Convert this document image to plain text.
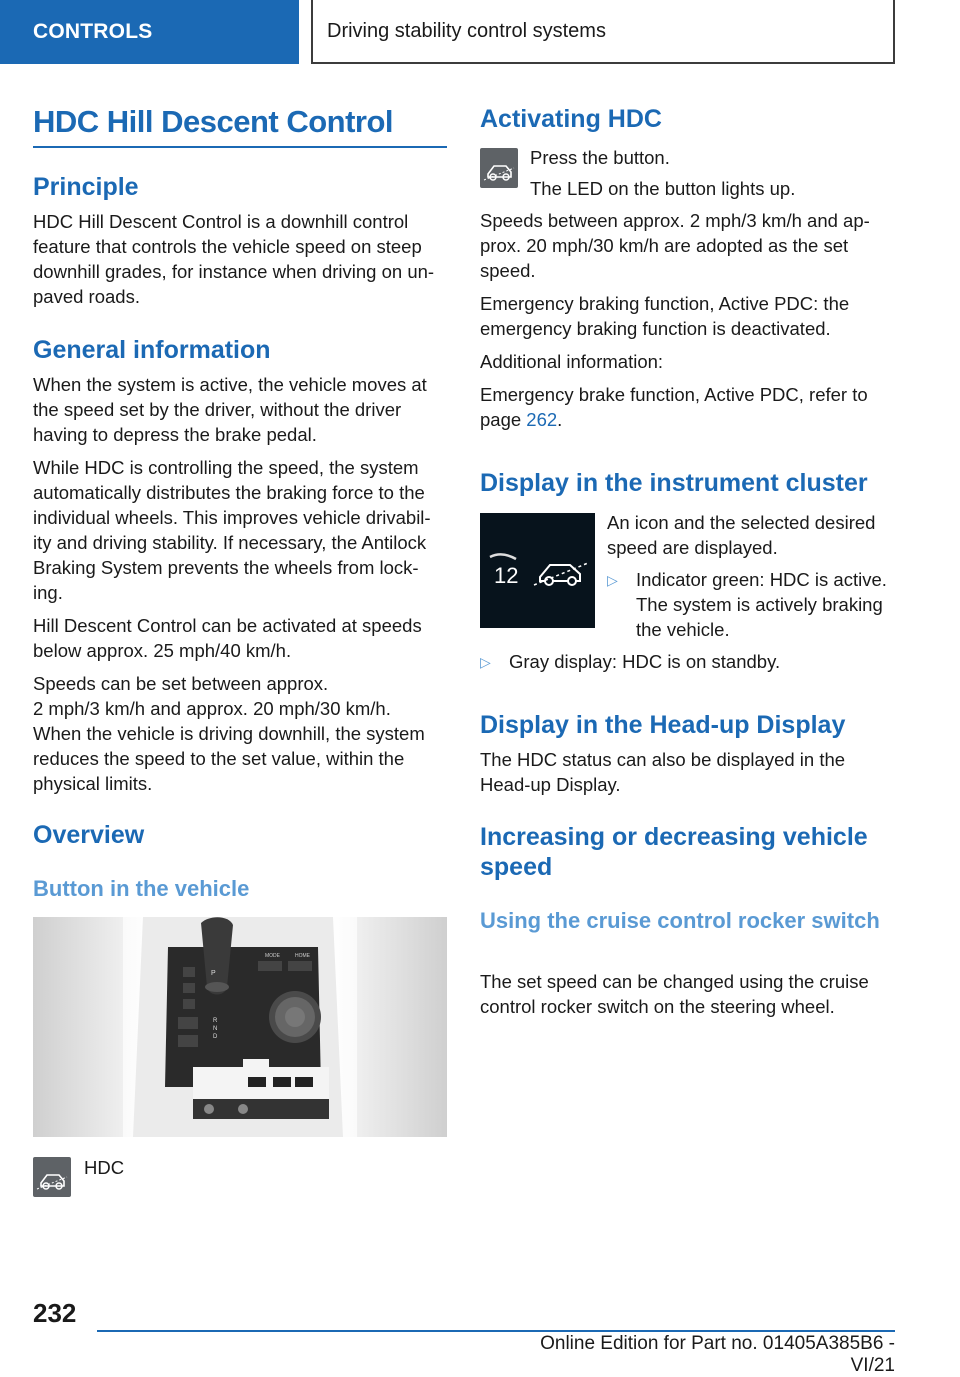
CONTROLS	Driving stability control systems
HDC Hill Descent Control
Principle

HDC Hill Descent Control is a downhill control feature that controls the vehicle speed on steep downhill grades, for instance when driving on un‐paved roads.

General information

When the system is active, the vehicle moves at the speed set by the driver, without the driver having to depress the brake pedal.

While HDC is controlling the speed, the system automatically distributes the braking force to the individual wheels. This improves vehicle drivabil‐ity and driving stability. If necessary, the Antilock Braking System prevents the wheels from lock‐ing.

Hill Descent Control can be activated at speeds below approx. 25 mph/40 km/h.

Speeds can be set between approx.

2 mph/3 km/h and approx. 20 mph/30 km/h.

When the vehicle is driving downhill, the system reduces the speed to the set value, within the physical limits.

Overview
Button in the vehicle
P
R
N
D
MODE	HOME

HDC

Activating HDC

Press the button.

The LED on the button lights up.

Speeds between approx. 2 mph/3 km/h and ap‐prox. 20 mph/30 km/h are adopted as the set speed.

Emergency braking function, Active PDC: the emergency braking function is deactivated.

Additional information:

Emergency brake function, Active PDC, refer to page 262.

Display in the instrument cluster
12

An icon and the selected desired speed are displayed.

▷ Indicator green: HDC is active. The system is actively braking the vehicle.
▷ Gray display: HDC is on standby.
Display in the Head-up Display

The HDC status can also be displayed in the Head-up Display.

Increasing or decreasing vehicle speed
Using the cruise control rocker switch

The set speed can be changed using the cruise control rocker switch on the steering wheel.

232
Online Edition for Part no. 01405A385B6 - VI/21
